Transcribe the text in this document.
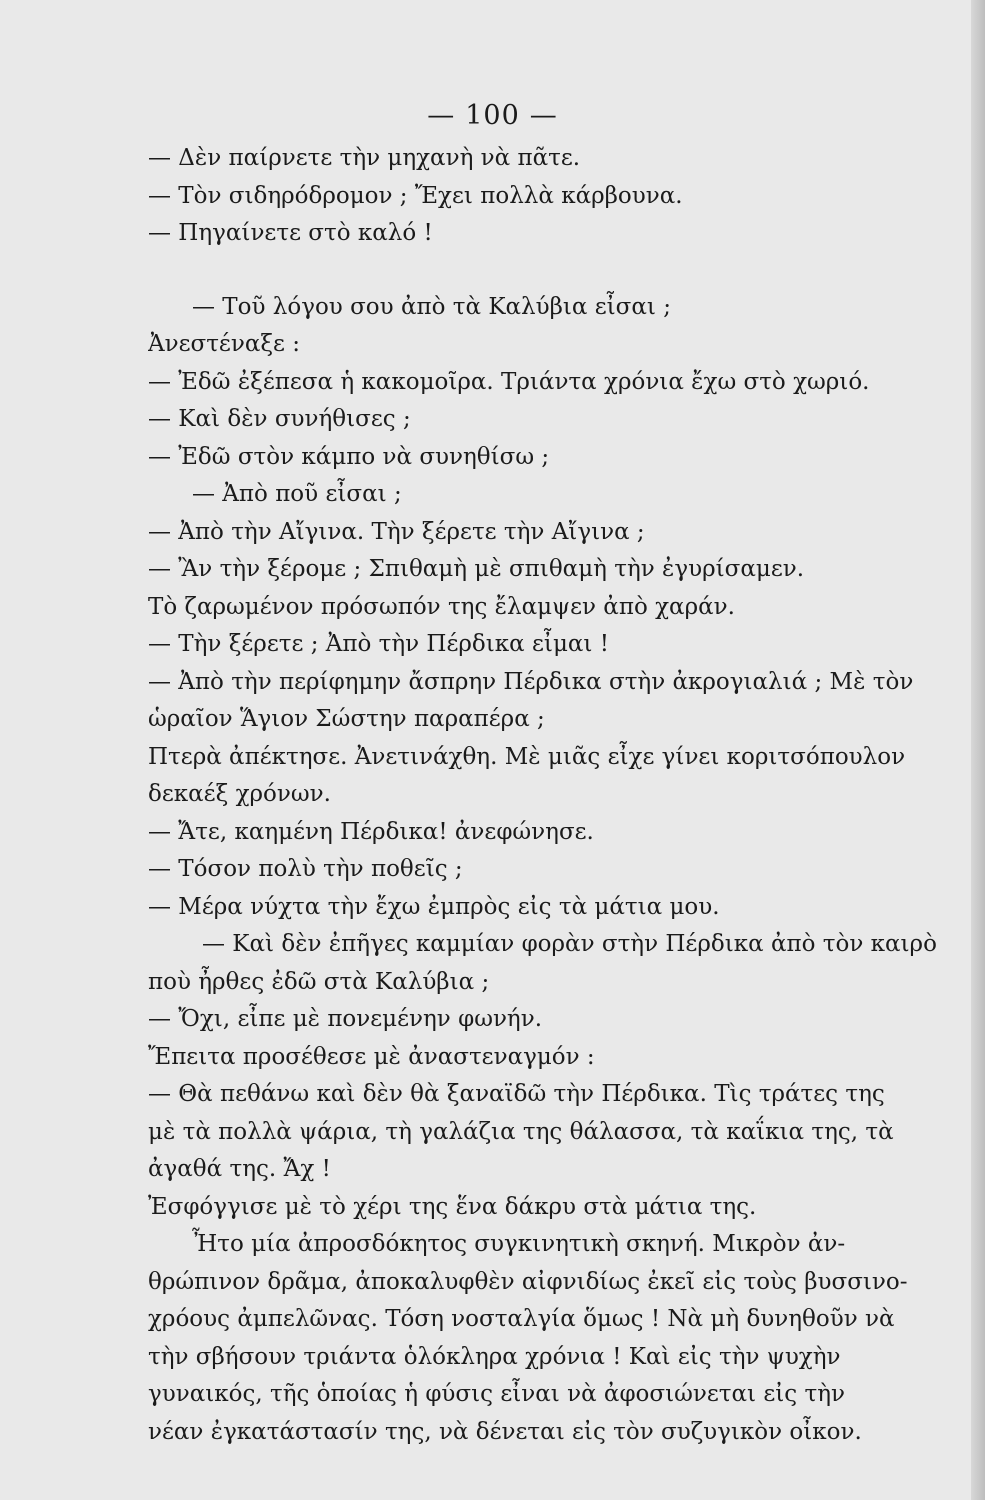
— 100 —
— Δὲν παίρνετε τὴν μηχανὴ νὰ πᾶτε.
— Τὸν σιδηρόδρομον ; Ἔχει πολλὰ κάρβουνα.
— Πηγαίνετε στὸ καλό !
— Τοῦ λόγου σου ἀπὸ τὰ Καλύβια εἶσαι ;
Ἀνεστέναξε :
— Ἐδῶ ἐξέπεσα ἡ κακομοῖρα. Τριάντα χρόνια ἔχω στὸ χωριό.
— Καὶ δὲν συνήθισες ;
— Ἐδῶ στὸν κάμπο νὰ συνηθίσω ;
— Ἀπὸ ποῦ εἶσαι ;
— Ἀπὸ τὴν Αἴγινα. Τὴν ξέρετε τὴν Αἴγινα ;
— Ἂν τὴν ξέρομε ; Σπιθαμὴ μὲ σπιθαμὴ τὴν ἐγυρίσαμεν.
Τὸ ζαρωμένον πρόσωπόν της ἔλαμψεν ἀπὸ χαράν.
— Τὴν ξέρετε ; Ἀπὸ τὴν Πέρδικα εἶμαι !
— Ἀπὸ τὴν περίφημην ἄσπρην Πέρδικα στὴν ἀκρογιαλιά ; Μὲ τὸν
ὡραῖον Ἅγιον Σώστην παραπέρα ;
Πτερὰ ἀπέκτησε. Ἀνετινάχθη. Μὲ μιᾶς εἶχε γίνει κοριτσόπουλον
δεκαέξ χρόνων.
— Ἄτε, καημένη Πέρδικα! ἀνεφώνησε.
— Τόσον πολὺ τὴν ποθεῖς ;
— Μέρα νύχτα τὴν ἔχω ἐμπρὸς εἰς τὰ μάτια μου.
— Καὶ δὲν ἐπῆγες καμμίαν φορὰν στὴν Πέρδικα ἀπὸ τὸν καιρὸ
ποὺ ἦρθες ἐδῶ στὰ Καλύβια ;
— Ὄχι, εἶπε μὲ πονεμένην φωνήν.
Ἔπειτα προσέθεσε μὲ ἀναστεναγμόν :
— Θὰ πεθάνω καὶ δὲν θὰ ξαναϊδῶ τὴν Πέρδικα. Τὶς τράτες της
μὲ τὰ πολλὰ ψάρια, τὴ γαλάζια της θάλασσα, τὰ καΐκια της, τὰ
ἀγαθά της. Ἄχ !
Ἐσφόγγισε μὲ τὸ χέρι της ἕνα δάκρυ στὰ μάτια της.
Ἦτο μία ἀπροσδόκητος συγκινητικὴ σκηνή. Μικρὸν ἀν-
θρώπινον δρᾶμα, ἀποκαλυφθὲν αἰφνιδίως ἐκεῖ εἰς τοὺς βυσσινο-
χρόους ἀμπελῶνας. Τόση νοσταλγία ὅμως ! Νὰ μὴ δυνηθοῦν νὰ
τὴν σβήσουν τριάντα ὁλόκληρα χρόνια ! Καὶ εἰς τὴν ψυχὴν
γυναικός, τῆς ὁποίας ἡ φύσις εἶναι νὰ ἀφοσιώνεται εἰς τὴν
νέαν ἐγκατάστασίν της, νὰ δένεται εἰς τὸν συζυγικὸν οἶκον.
